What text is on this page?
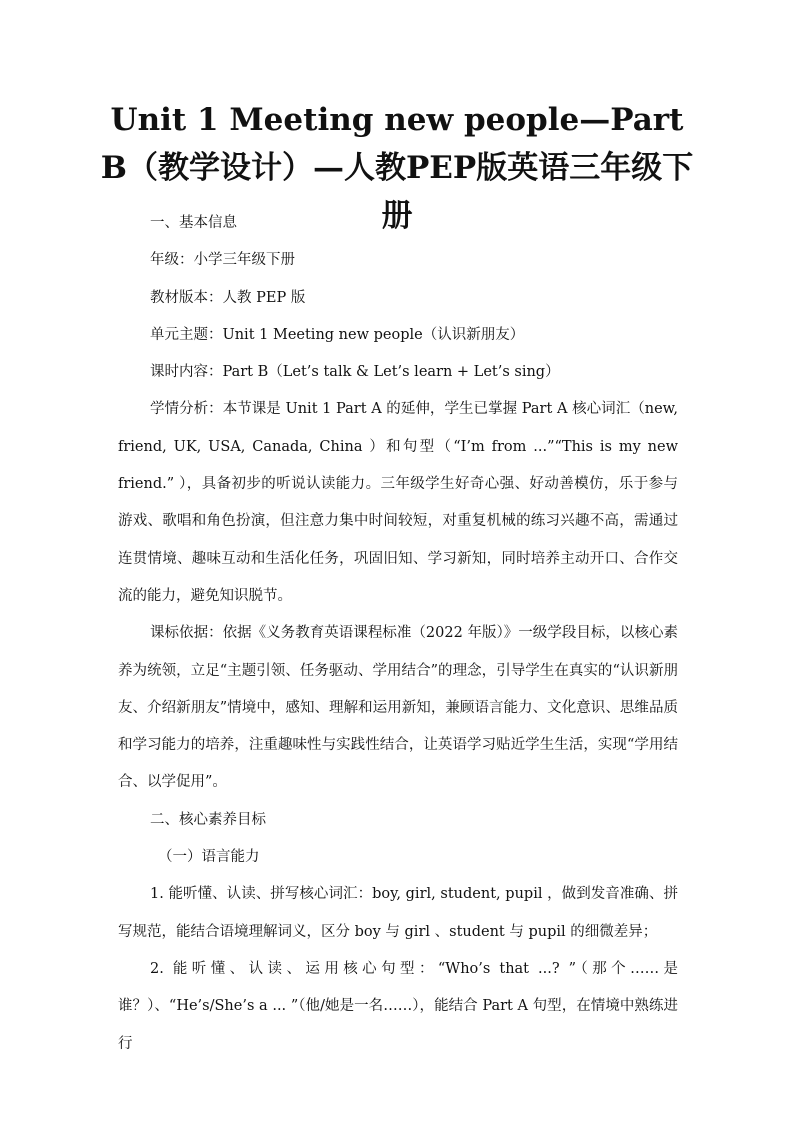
Unit 1 Meeting new people—Part B（教学设计）—人教PEP版英语三年级下册

一、基本信息

年级：小学三年级下册

教材版本：人教 PEP 版

单元主题：Unit 1 Meeting new people（认识新朋友）

课时内容：Part B（Let’s talk & Let’s learn + Let’s sing）

学情分析：本节课是 Unit 1 Part A 的延伸，学生已掌握 Part A 核心词汇（new, friend, UK, USA, Canada, China ）和句型（“I’m from ...”“This is my new friend.” ），具备初步的听说认读能力。三年级学生好奇心强、好动善模仿，乐于参与游戏、歌唱和角色扮演，但注意力集中时间较短，对重复机械的练习兴趣不高，需通过连贯情境、趣味互动和生活化任务，巩固旧知、学习新知，同时培养主动开口、合作交流的能力，避免知识脱节。

课标依据：依据《义务教育英语课程标准（2022 年版）》一级学段目标，以核心素养为统领，立足“主题引领、任务驱动、学用结合”的理念，引导学生在真实的“认识新朋友、介绍新朋友”情境中，感知、理解和运用新知，兼顾语言能力、文化意识、思维品质和学习能力的培养，注重趣味性与实践性结合，让英语学习贴近学生生活，实现“学用结合、以学促用”。

二、核心素养目标

（一）语言能力

1. 能听懂、认读、拼写核心词汇：boy, girl, student, pupil ，做到发音准确、拼写规范，能结合语境理解词义，区分 boy 与 girl 、student 与 pupil 的细微差异；

2. 能听懂、认读、运用核心句型：“Who’s that ...? ”（那个……是谁？）、“He’s/She’s a ... ”（他/她是一名……），能结合 Part A 句型，在情境中熟练进行
